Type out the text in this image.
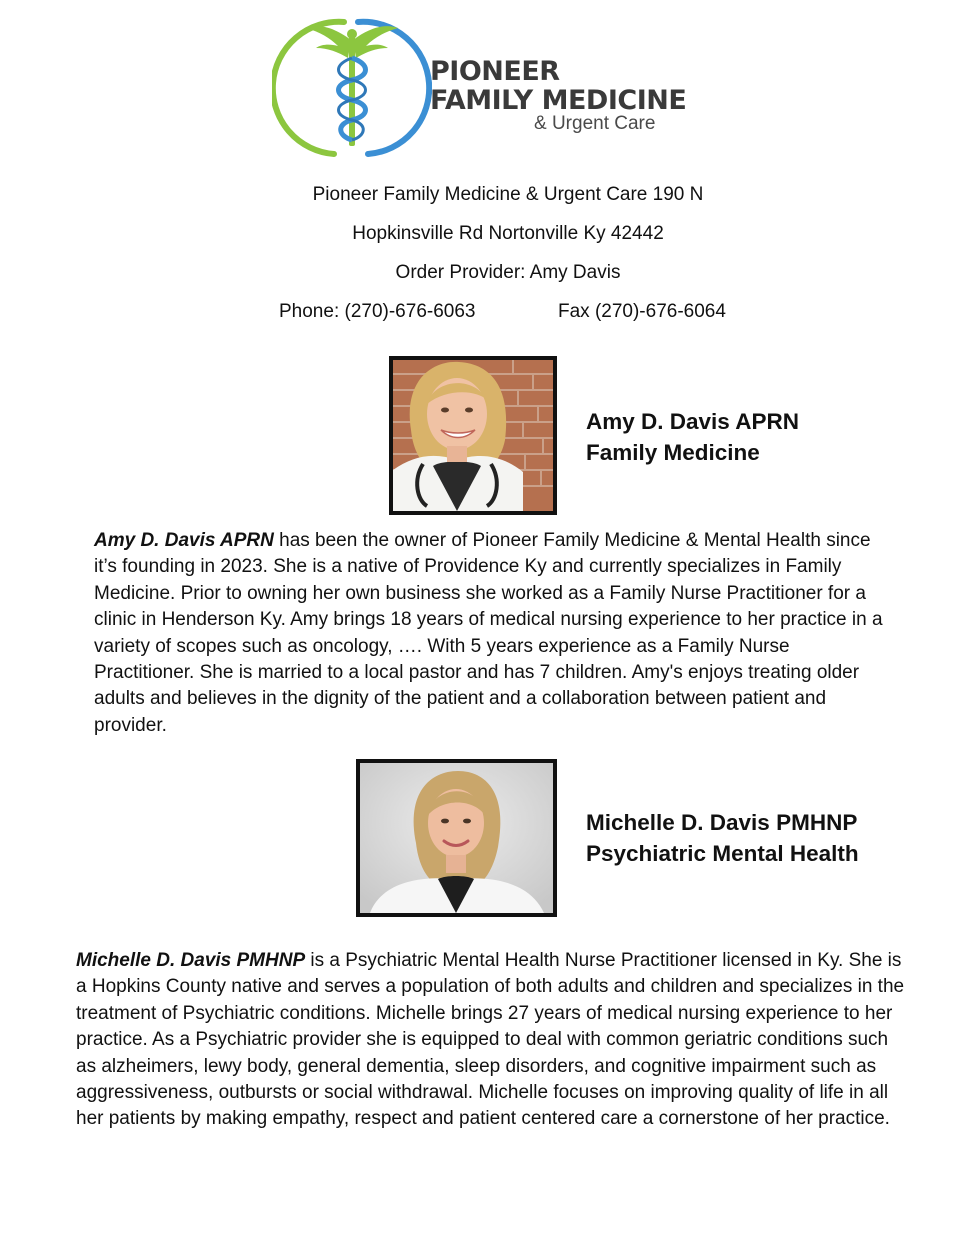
PIONEER
FAMILY MEDICINE
& Urgent Care
Pioneer Family Medicine & Urgent Care 190 N
Hopkinsville Rd Nortonville Ky 42442
Order Provider: Amy Davis
Phone: (270)-676-6063	Fax (270)-676-6064
Amy D. Davis APRN
Family Medicine
Amy D. Davis APRN has been the owner of Pioneer Family Medicine & Mental Health since it’s founding in 2023. She is a native of Providence Ky and currently specializes in Family Medicine. Prior to owning her own business she worked as a Family Nurse Practitioner for a clinic in Henderson Ky. Amy brings 18 years of medical nursing experience to her practice in a variety of scopes such as oncology, …. With 5 years experience as a Family Nurse Practitioner. She is married to a local pastor and has 7 children. Amy's enjoys treating older adults and believes in the dignity of the patient and a collaboration between patient and provider.
Michelle D. Davis PMHNP
Psychiatric Mental Health
Michelle D. Davis PMHNP is a Psychiatric Mental Health Nurse Practitioner licensed in Ky. She is a Hopkins County native and serves a population of both adults and children and specializes in the treatment of Psychiatric conditions. Michelle brings 27 years of medical nursing experience to her practice. As a Psychiatric provider she is equipped to deal with common geriatric conditions such as alzheimers, lewy body, general dementia, sleep disorders, and cognitive impairment such as aggressiveness, outbursts or social withdrawal. Michelle focuses on improving quality of life in all her patients by making empathy, respect and patient centered care a cornerstone of her practice.
